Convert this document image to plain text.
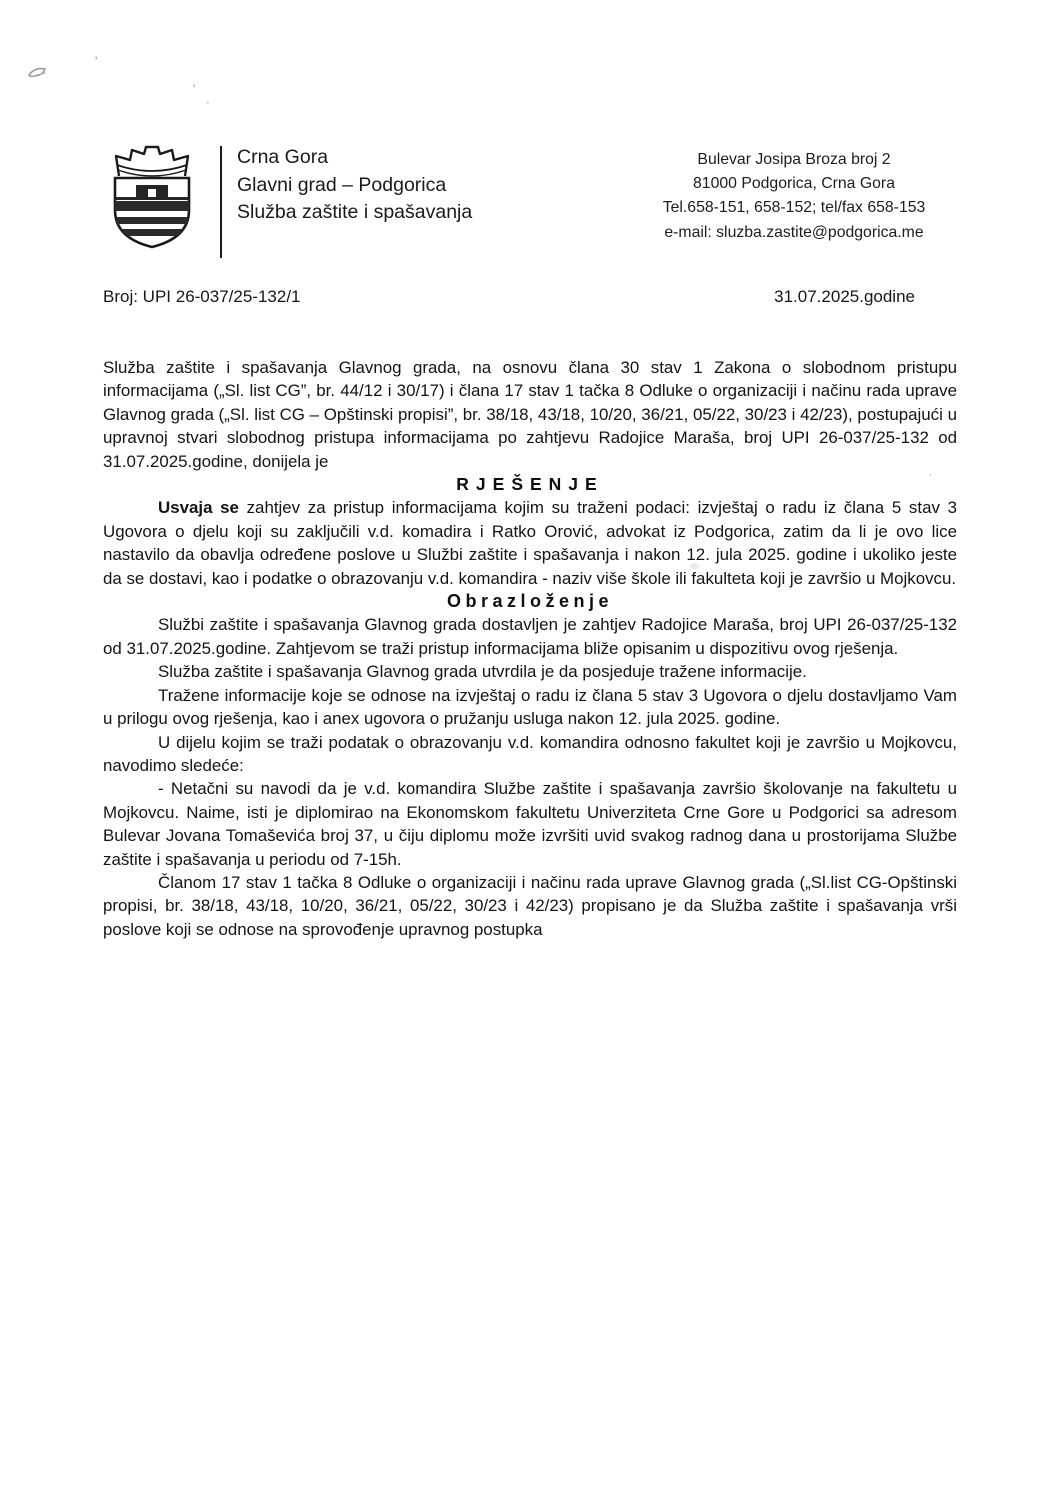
'
'
˙
Crna Gora
Glavni grad – Podgorica
Služba zaštite i spašavanja
Bulevar Josipa Broza broj 2
81000 Podgorica, Crna Gora
Tel.658-151, 658-152; tel/fax 658-153
e-mail: sluzba.zastite@podgorica.me
Broj: UPI 26-037/25-132/1	31.07.2025.godine

Služba zaštite i spašavanja Glavnog grada, na osnovu člana 30 stav 1 Zakona o slobodnom pristupu informacijama („Sl. list CG”, br. 44/12 i 30/17) i člana 17 stav 1 tačka 8 Odluke o organizaciji i načinu rada uprave Glavnog grada („Sl. list CG – Opštinski propisi”, br. 38/18, 43/18, 10/20, 36/21, 05/22, 30/23 i 42/23), postupajući u upravnoj stvari slobodnog pristupa informacijama po zahtjevu Radojice Maraša, broj UPI 26-037/25-132 od 31.07.2025.godine, donijela je

RJEŠENJE

Usvaja se zahtjev za pristup informacijama kojim su traženi podaci: izvještaj o radu iz člana 5 stav 3 Ugovora o djelu koji su zaključili v.d. komadira i Ratko Orović, advokat iz Podgorica, zatim da li je ovo lice nastavilo da obavlja određene poslove u Službi zaštite i spašavanja i nakon 12. jula 2025. godine i ukoliko jeste da se dostavi, kao i podatke o obrazovanju v.d. komandira - naziv više škole ili fakulteta koji je završio u Mojkovcu.

Obrazloženje

Službi zaštite i spašavanja Glavnog grada dostavljen je zahtjev Radojice Maraša, broj UPI 26-037/25-132 od 31.07.2025.godine. Zahtjevom se traži pristup informacijama bliže opisanim u dispozitivu ovog rješenja.

Služba zaštite i spašavanja Glavnog grada utvrdila je da posjeduje tražene informacije.

Tražene informacije koje se odnose na izvještaj o radu iz člana 5 stav 3 Ugovora o djelu dostavljamo Vam u prilogu ovog rješenja, kao i anex ugovora o pružanju usluga nakon 12. jula 2025. godine.

U dijelu kojim se traži podatak o obrazovanju v.d. komandira odnosno fakultet koji je završio u Mojkovcu, navodimo sledeće:

- Netačni su navodi da je v.d. komandira Službe zaštite i spašavanja završio školovanje na fakultetu u Mojkovcu. Naime, isti je diplomirao na Ekonomskom fakultetu Univerziteta Crne Gore u Podgorici sa adresom Bulevar Jovana Tomaševića broj 37, u čiju diplomu može izvršiti uvid svakog radnog dana u prostorijama Službe zaštite i spašavanja u periodu od 7-15h.

Članom 17 stav 1 tačka 8 Odluke o organizaciji i načinu rada uprave Glavnog grada („Sl.list CG-Opštinski propisi, br. 38/18, 43/18, 10/20, 36/21, 05/22, 30/23 i 42/23) propisano je da Služba zaštite i spašavanja vrši poslove koji se odnose na sprovođenje upravnog postupka
